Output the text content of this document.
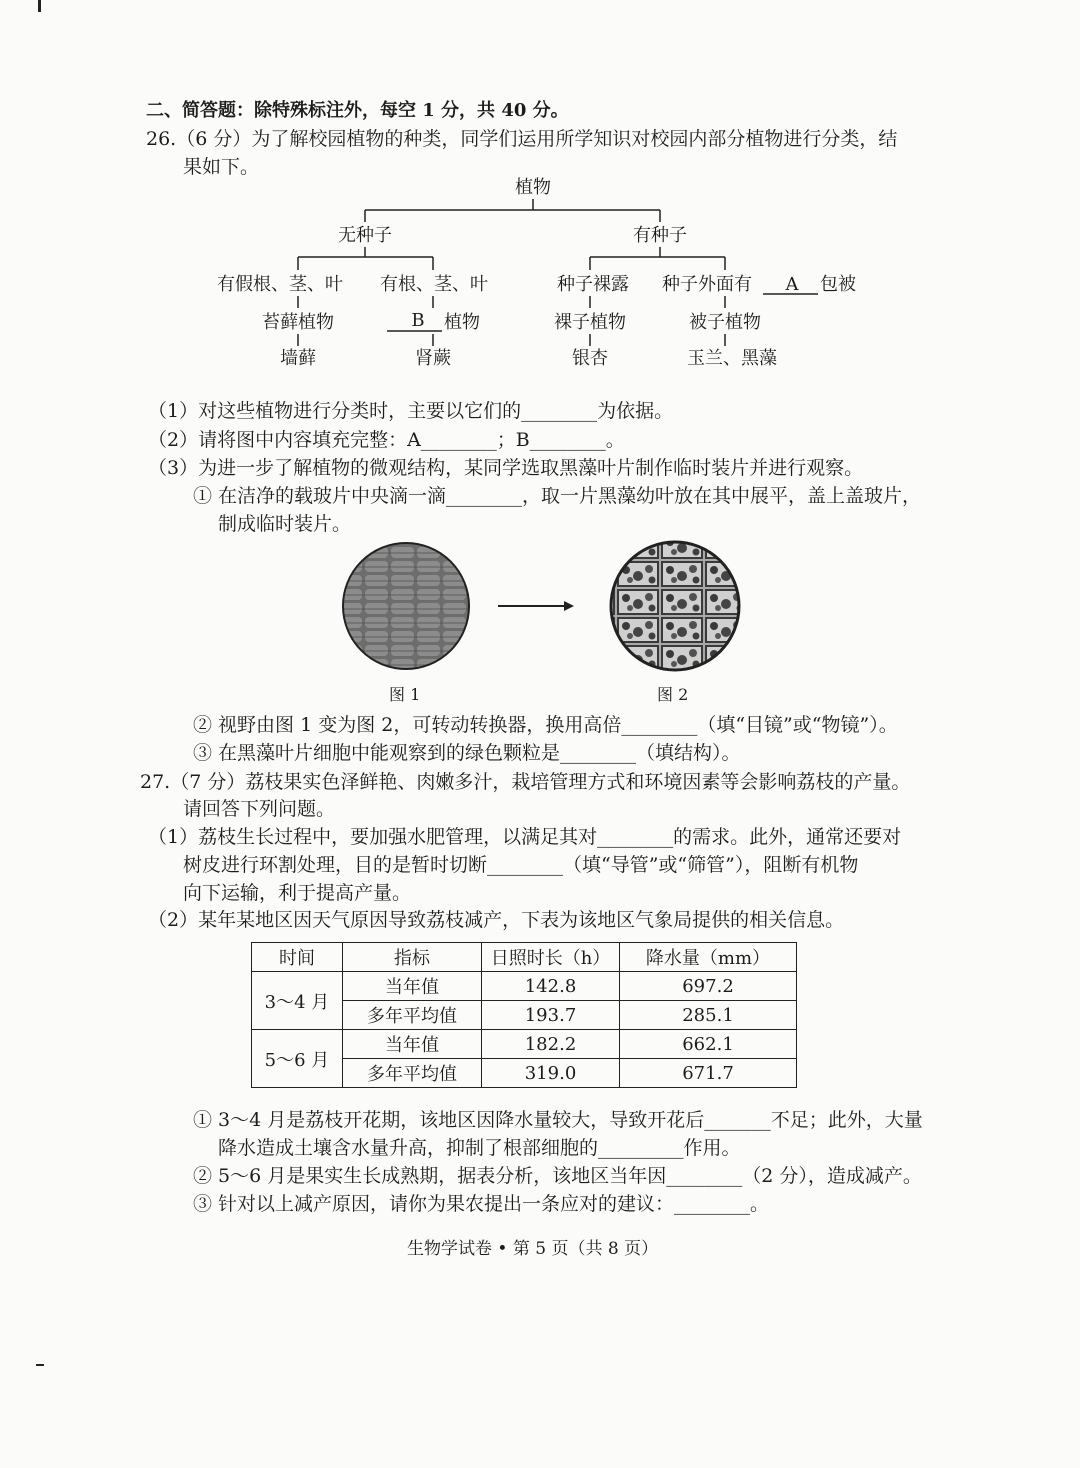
二、简答题：除特殊标注外，每空 1 分，共 40 分。
26.（6 分）为了解校园植物的种类，同学们运用所学知识对校园内部分植物进行分类，结
果如下。
植物
无种子	有种子
有假根、茎、叶 有根、茎、叶	种子裸露 种子外面有 A 包被
苔藓植物	B 植物	裸子植物	被子植物
墙藓	肾蕨	银杏	玉兰、黑藻
（1）对这些植物进行分类时，主要以它们的________为依据。
（2）请将图中内容填充完整：A________；B________。
（3）为进一步了解植物的微观结构，某同学选取黑藻叶片制作临时装片并进行观察。
① 在洁净的载玻片中央滴一滴________，取一片黑藻幼叶放在其中展平，盖上盖玻片，
制成临时装片。
图 1	图 2
② 视野由图 1 变为图 2，可转动转换器，换用高倍________（填“目镜”或“物镜”）。
③ 在黑藻叶片细胞中能观察到的绿色颗粒是________（填结构）。
27.（7 分）荔枝果实色泽鲜艳、肉嫩多汁，栽培管理方式和环境因素等会影响荔枝的产量。
请回答下列问题。
（1）荔枝生长过程中，要加强水肥管理，以满足其对________的需求。此外，通常还要对
树皮进行环割处理，目的是暂时切断________（填“导管”或“筛管”），阻断有机物
向下运输，利于提高产量。
（2）某年某地区因天气原因导致荔枝减产，下表为该地区气象局提供的相关信息。
时间	指标	日照时长（h）	降水量（mm）
3～4 月	当年值	142.8	697.2
	多年平均值	193.7	285.1
5～6 月	当年值	182.2	662.1
	多年平均值	319.0	671.7
① 3～4 月是荔枝开花期，该地区因降水量较大，导致开花后_______不足；此外，大量
降水造成土壤含水量升高，抑制了根部细胞的_________作用。
② 5～6 月是果实生长成熟期，据表分析，该地区当年因________（2 分），造成减产。
③ 针对以上减产原因，请你为果农提出一条应对的建议：________。
生物学试卷 • 第 5 页（共 8 页）
